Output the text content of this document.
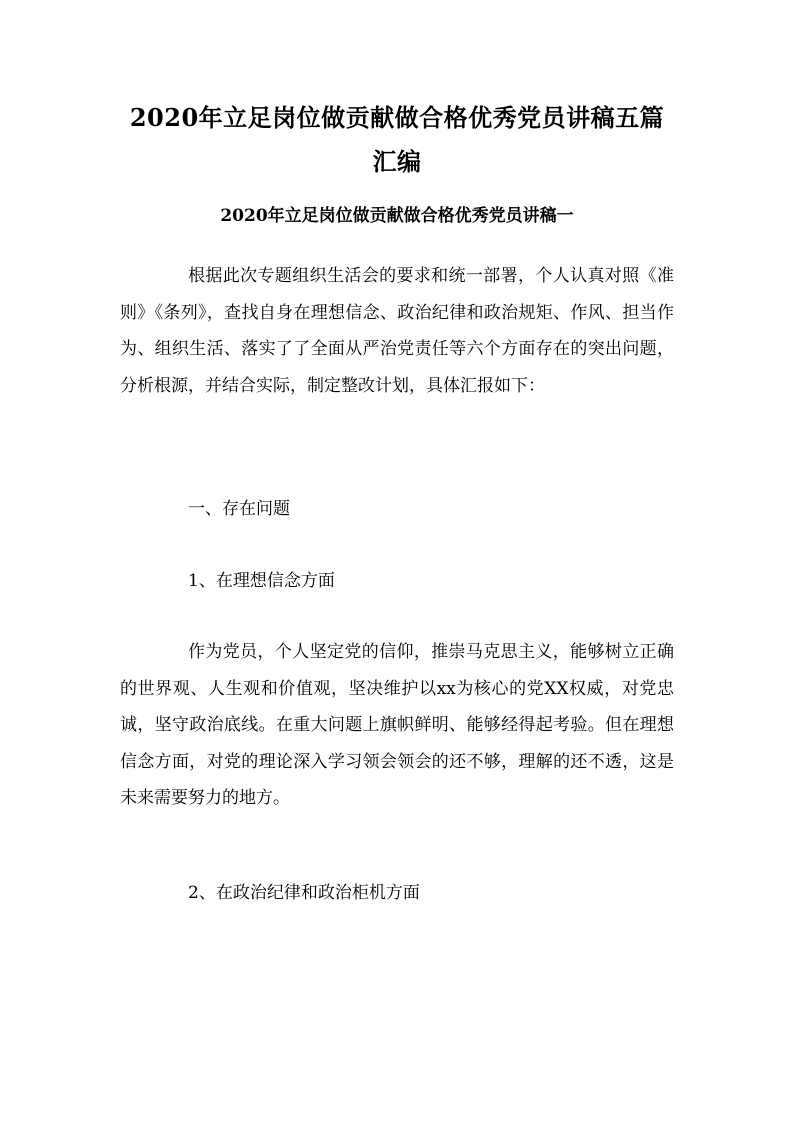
2020年立足岗位做贡献做合格优秀党员讲稿五篇汇编
2020年立足岗位做贡献做合格优秀党员讲稿一

根据此次专题组织生活会的要求和统一部署，个人认真对照《准则》《条列》，查找自身在理想信念、政治纪律和政治规矩、作风、担当作为、组织生活、落实了了全面从严治党责任等六个方面存在的突出问题，分析根源，并结合实际，制定整改计划，具体汇报如下：

一、存在问题

1、在理想信念方面

作为党员，个人坚定党的信仰，推崇马克思主义，能够树立正确的世界观、人生观和价值观，坚决维护以xx为核心的党XX权威，对党忠诚，坚守政治底线。在重大问题上旗帜鲜明、能够经得起考验。但在理想信念方面，对党的理论深入学习领会领会的还不够，理解的还不透，这是未来需要努力的地方。

2、在政治纪律和政治柜机方面
